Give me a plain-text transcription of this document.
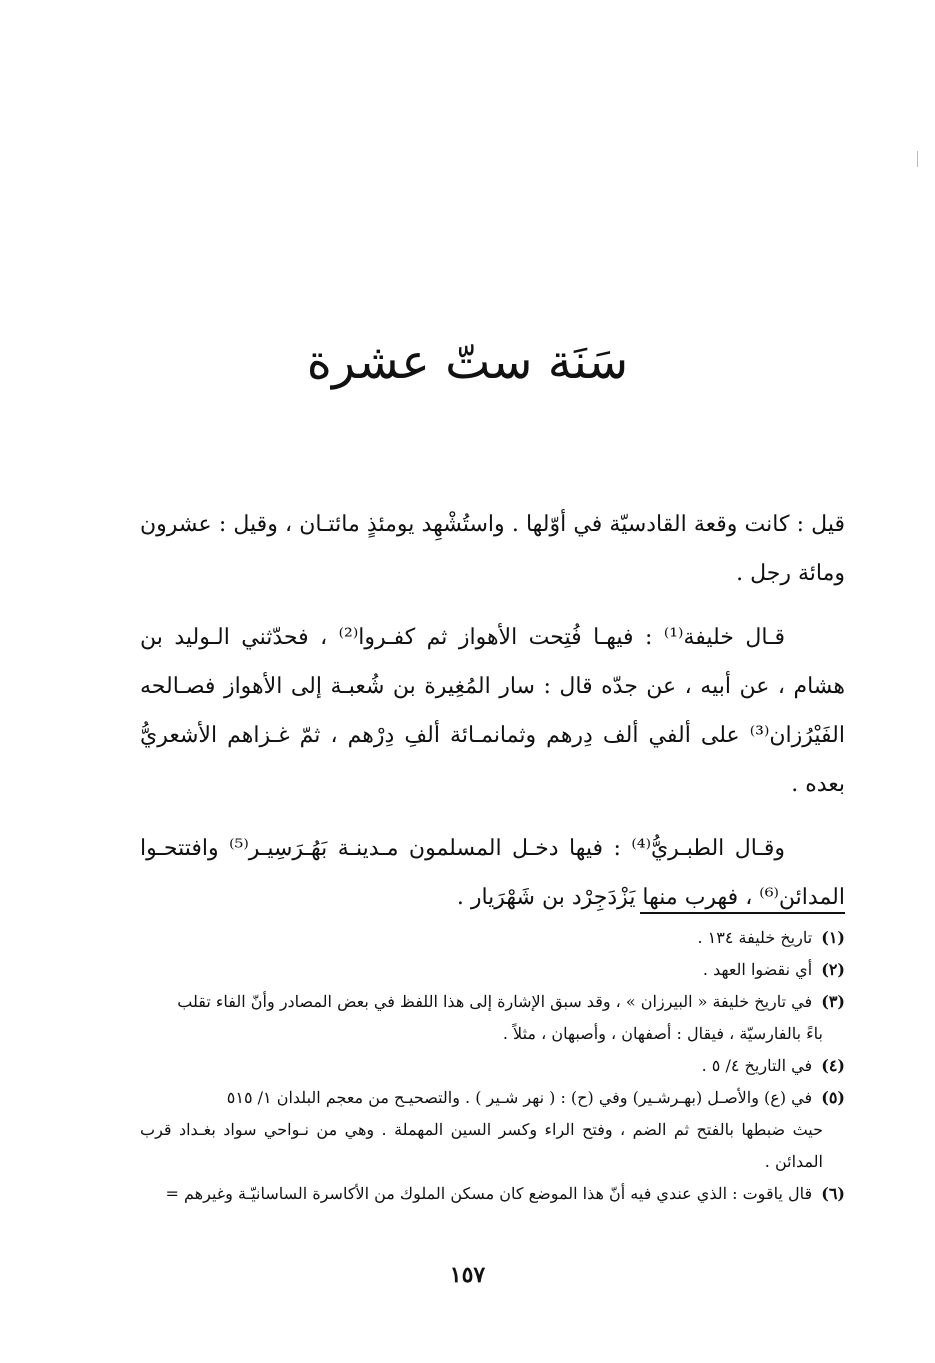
سَنَة ستّ عشرة

قيل : كانت وقعة القادسيّة في أوّلها . واستُشْهِد يومئذٍ مائتـان ، وقيل : عشرون ومائة رجل .

قـال خليفة⁽¹⁾ : فيهـا فُتِحت الأهواز ثم كفـروا⁽²⁾ ، فحدّثني الـوليد بن هشام ، عن أبيه ، عن جدّه قال : سار المُغِيرة بن شُعبـة إلى الأهواز فصـالحه الفَيْرُزان⁽³⁾ على ألفي ألف دِرهم وثمانمـائة ألفِ دِرْهم ، ثمّ غـزاهم الأشعريُّ بعده .

وقـال الطبـريُّ⁽⁴⁾ : فيها دخـل المسلمون مـدينـة بَهُـرَسِيـر⁽⁵⁾ وافتتحـوا المدائن⁽⁶⁾ ، فهرب منها يَزْدَجِرْد بن شَهْرَيار .

(١) تاريخ خليفة ١٣٤ .

(٢) أي نقضوا العهد .

(٣) في تاريخ خليفة « البيرزان » ، وقد سبق الإشارة إلى هذا اللفظ في بعض المصادر وأنّ الفاء تقلب
باءً بالفارسيّة ، فيقال : أصفهان ، وأصبهان ، مثلاً .

(٤) في التاريخ ٤/ ٥ .

(٥) في (ع) والأصـل (بهـرشـير) وفي (ح) : ( نهر شـير ) . والتصحيـح من معجم البلدان ١/ ٥١٥
حيث ضبطها بالفتح ثم الضم ، وفتح الراء وكسر السين المهملة . وهي من نـواحي سواد بغـداد قرب المدائن .

(٦) قال ياقوت : الذي عندي فيه أنّ هذا الموضع كان مسكن الملوك من الأكاسرة الساسانيّـة وغيرهم =

١٥٧
